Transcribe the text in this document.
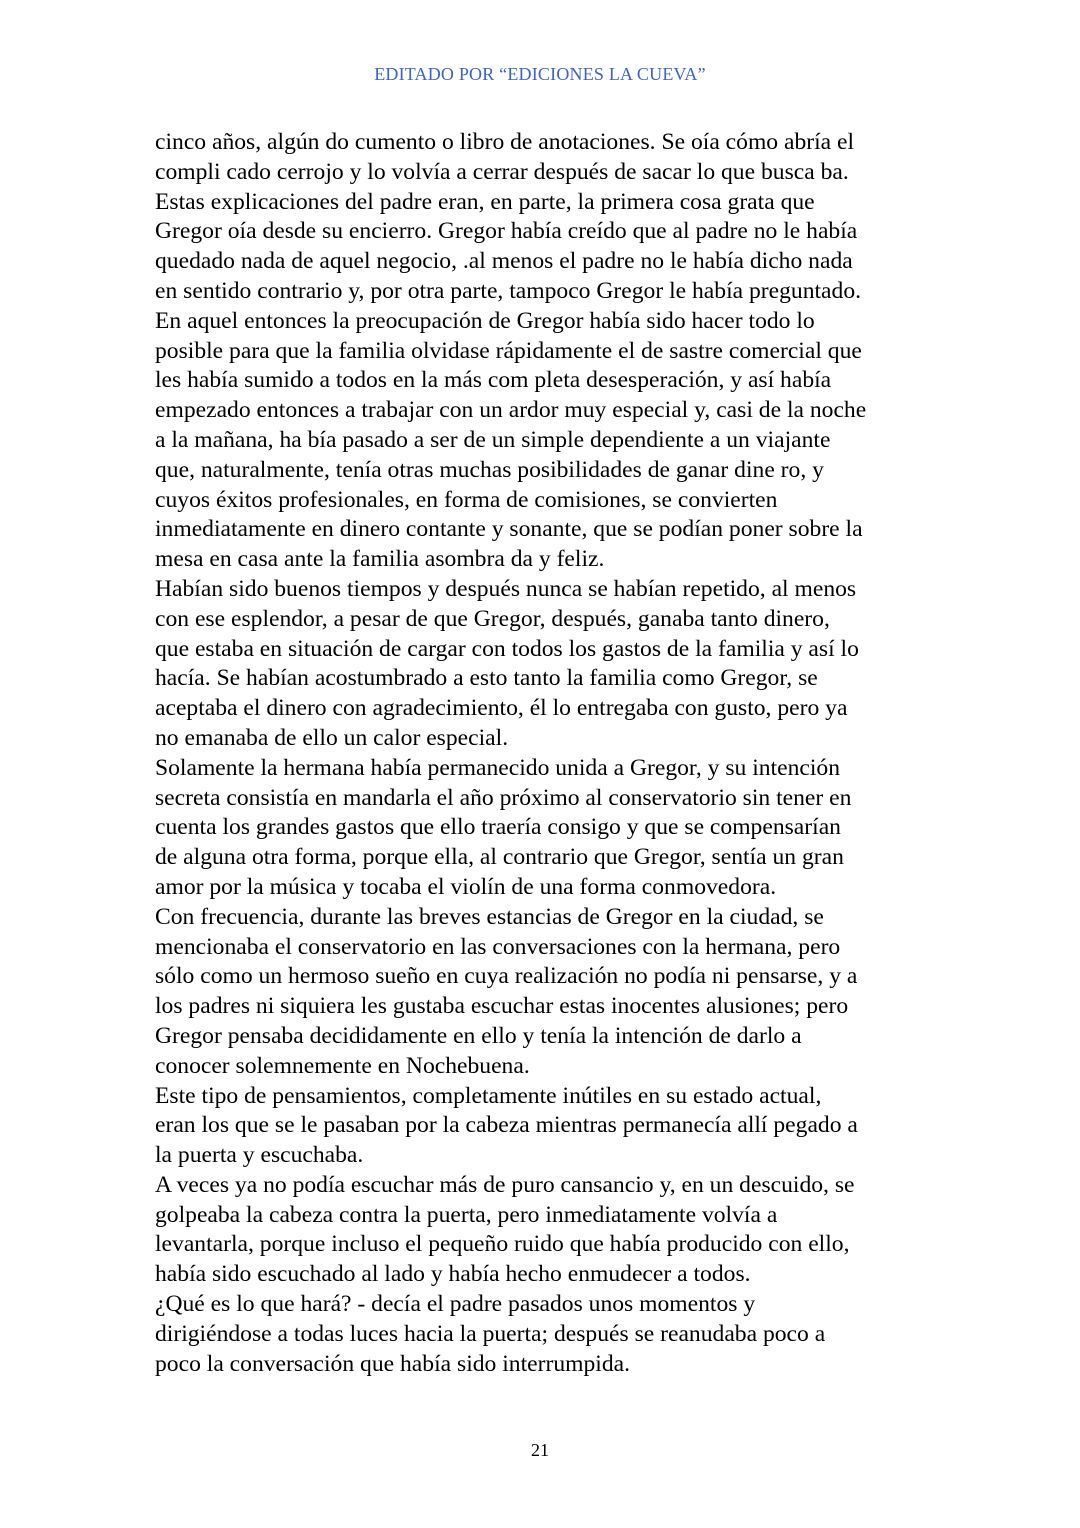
EDITADO POR “EDICIONES LA CUEVA”
cinco años, algún do cumento o libro de anotaciones. Se oía cómo abría el
compli cado cerrojo y lo volvía a cerrar después de sacar lo que busca ba.
Estas explicaciones del padre eran, en parte, la primera cosa grata que
Gregor oía desde su encierro. Gregor había creído que al padre no le había
quedado nada de aquel negocio, .al menos el padre no le había dicho nada
en sentido contrario y, por otra parte, tampoco Gregor le había preguntado.
En aquel entonces la preocupación de Gregor había sido hacer todo lo
posible para que la familia olvidase rápidamente el de sastre comercial que
les había sumido a todos en la más com pleta desesperación, y así había
empezado entonces a trabajar con un ardor muy especial y, casi de la noche
a la mañana, ha bía pasado a ser de un simple dependiente a un viajante
que, naturalmente, tenía otras muchas posibilidades de ganar dine ro, y
cuyos éxitos profesionales, en forma de comisiones, se convierten
inmediatamente en dinero contante y sonante, que se podían poner sobre la
mesa en casa ante la familia asombra da y feliz.
Habían sido buenos tiempos y después nunca se habían repetido, al menos
con ese esplendor, a pesar de que Gregor, después, ganaba tanto dinero,
que estaba en situación de cargar con todos los gastos de la familia y así lo
hacía. Se habían acostumbrado a esto tanto la familia como Gregor, se
aceptaba el dinero con agradecimiento, él lo entregaba con gusto, pero ya
no emanaba de ello un calor especial.
Solamente la hermana había permanecido unida a Gregor, y su intención
secreta consistía en mandarla el año próximo al conservatorio sin tener en
cuenta los grandes gastos que ello traería consigo y que se compensarían
de alguna otra forma, porque ella, al contrario que Gregor, sentía un gran
amor por la música y tocaba el violín de una forma conmovedora.
Con frecuencia, durante las breves estancias de Gregor en la ciudad, se
mencionaba el conservatorio en las conversaciones con la hermana, pero
sólo como un hermoso sueño en cuya realización no podía ni pensarse, y a
los padres ni siquiera les gustaba escuchar estas inocentes alusiones; pero
Gregor pensaba decididamente en ello y tenía la intención de darlo a
conocer solemnemente en Nochebuena.
Este tipo de pensamientos, completamente inútiles en su estado actual,
eran los que se le pasaban por la cabeza mientras permanecía allí pegado a
la puerta y escuchaba.
A veces ya no podía escuchar más de puro cansancio y, en un descuido, se
golpeaba la cabeza contra la puerta, pero inmediatamente volvía a
levantarla, porque incluso el pequeño ruido que había producido con ello,
había sido escuchado al lado y había hecho enmudecer a todos.
¿Qué es lo que hará? - decía el padre pasados unos momentos y
dirigiéndose a todas luces hacia la puerta; después se reanudaba poco a
poco la conversación que había sido interrumpida.
21
